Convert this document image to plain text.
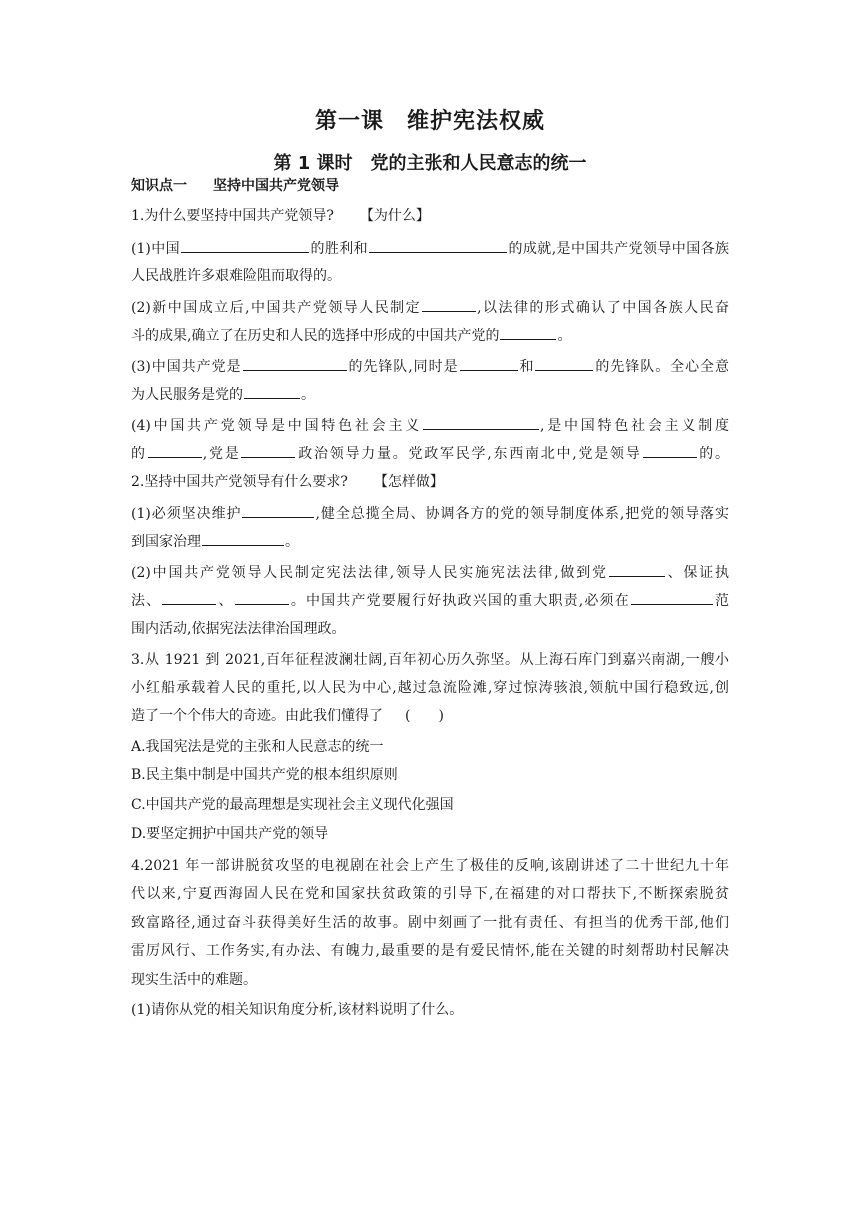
第一课　维护宪法权威
第 1 课时　党的主张和人民意志的统一
知识点一 坚持中国共产党领导
1.为什么要坚持中国共产党领导? 【为什么】
(1)中国	的胜利和	的成就,是中国共产党领导中国各族
人民战胜许多艰难险阻而取得的。
(2)新中国成立后,中国共产党领导人民制定	,以法律的形式确认了中国各族人民奋
斗的成果,确立了在历史和人民的选择中形成的中国共产党的	。
(3)中国共产党是	的先锋队,同时是	和	的先锋队。全心全意
为人民服务是党的	。
(4)中国共产党领导是中国特色社会主义	,是中国特色社会主义制度
的	,党是	政治领导力量。党政军民学,东西南北中,党是领导	的。
2.坚持中国共产党领导有什么要求? 【怎样做】
(1)必须坚决维护	,健全总揽全局、协调各方的党的领导制度体系,把党的领导落实
到国家治理	。
(2)中国共产党领导人民制定宪法法律,领导人民实施宪法法律,做到党	、保证执
法、	、	。中国共产党要履行好执政兴国的重大职责,必须在	范
围内活动,依据宪法法律治国理政。
3.从 1921 到 2021,百年征程波澜壮阔,百年初心历久弥坚。从上海石库门到嘉兴南湖,一艘小
小红船承载着人民的重托,以人民为中心,越过急流险滩,穿过惊涛骇浪,领航中国行稳致远,创
造了一个个伟大的奇迹。由此我们懂得了 (　　)
A.我国宪法是党的主张和人民意志的统一
B.民主集中制是中国共产党的根本组织原则
C.中国共产党的最高理想是实现社会主义现代化强国
D.要坚定拥护中国共产党的领导
4.2021 年一部讲脱贫攻坚的电视剧在社会上产生了极佳的反响,该剧讲述了二十世纪九十年
代以来,宁夏西海固人民在党和国家扶贫政策的引导下,在福建的对口帮扶下,不断探索脱贫
致富路径,通过奋斗获得美好生活的故事。剧中刻画了一批有责任、有担当的优秀干部,他们
雷厉风行、工作务实,有办法、有魄力,最重要的是有爱民情怀,能在关键的时刻帮助村民解决
现实生活中的难题。
(1)请你从党的相关知识角度分析,该材料说明了什么。
